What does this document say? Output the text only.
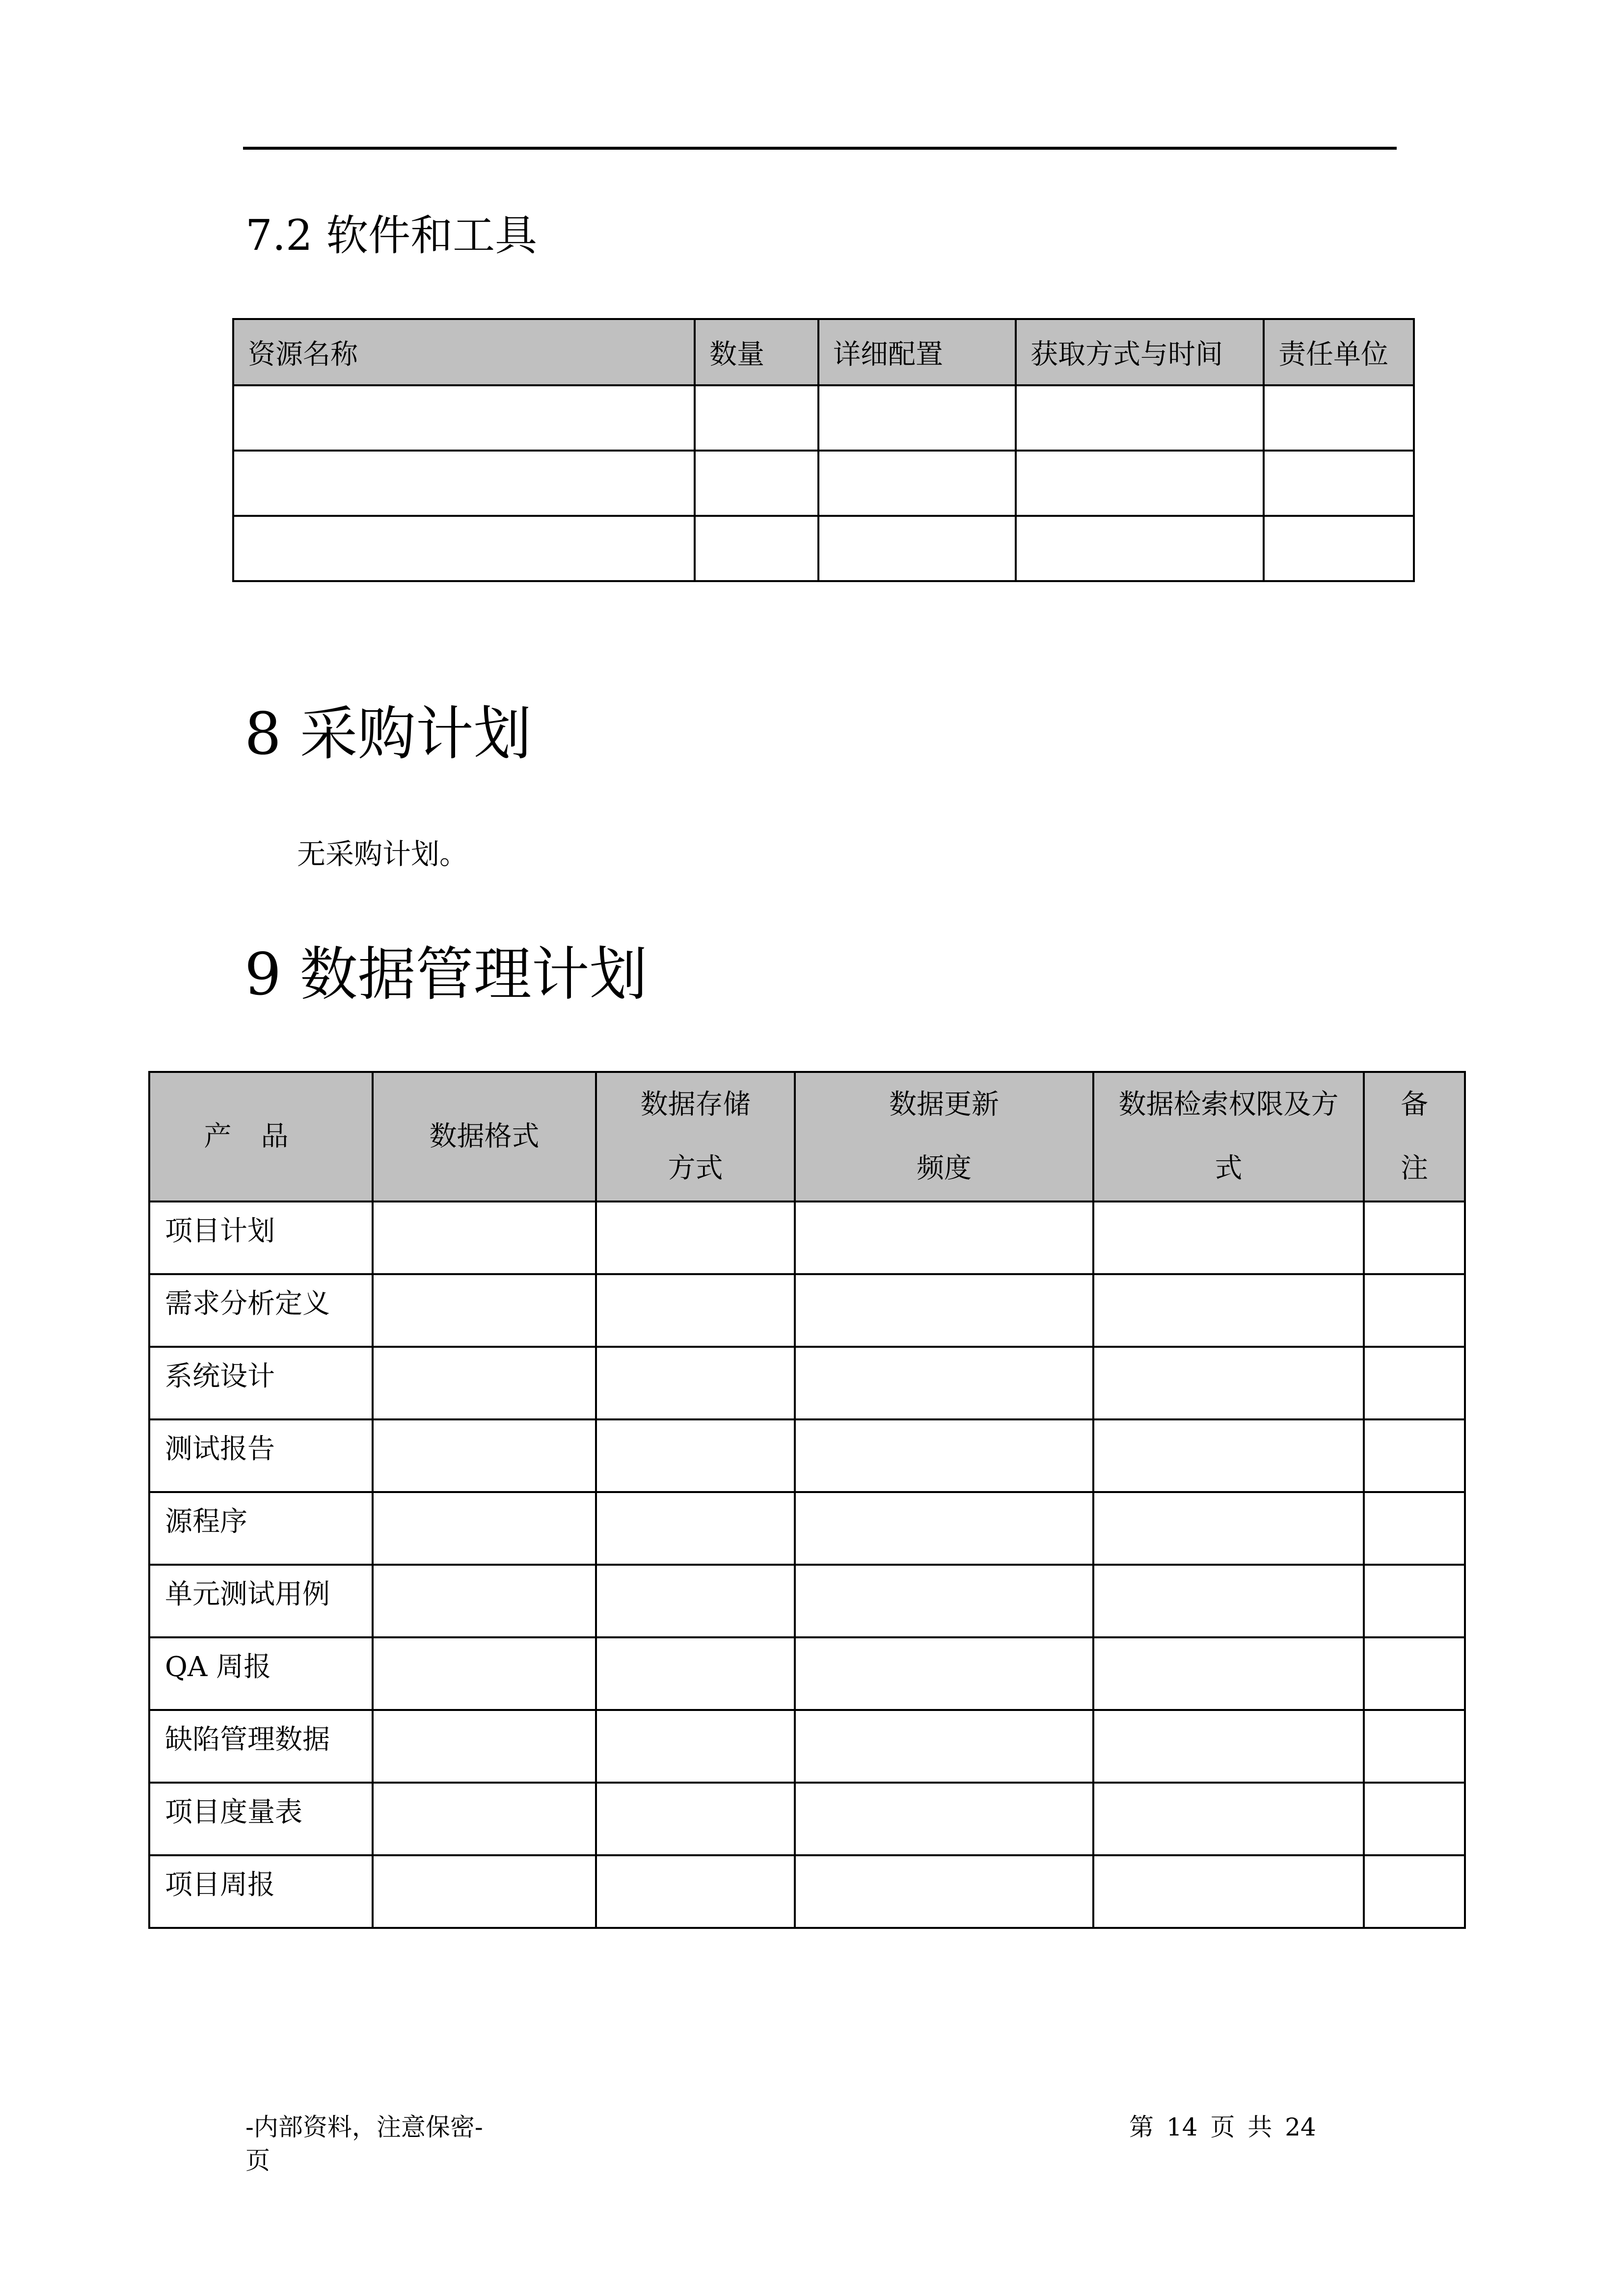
7.2 软件和工具
资源名称	数量	详细配置	获取方式与时间	责任单位

8 采购计划
无采购计划。
9 数据管理计划
产品	数据格式	数据存储方式	数据更新频度	数据检索权限及方式	备注
项目计划					
需求分析定义					
系统设计					
测试报告					
源程序					
单元测试用例					
QA 周报					
缺陷管理数据					
项目度量表					
项目周报					
-内部资料，注意保密-
页
第 14 页 共 24
